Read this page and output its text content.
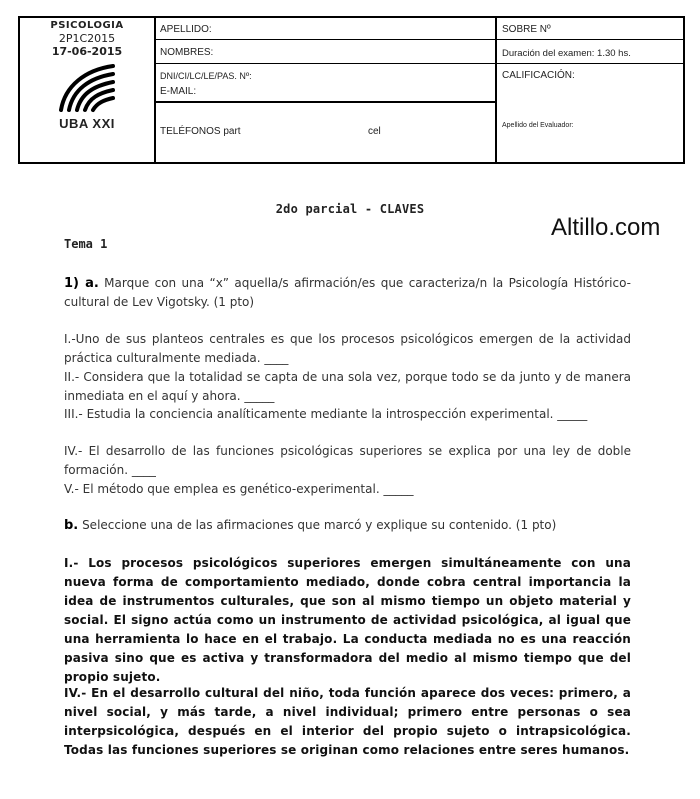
PSICOLOGIA
2P1C2015
17-06-2015
UBA XXI
APELLIDO:
NOMBRES:
DNI/CI/LC/LE/PAS. Nº:
E-MAIL:
TELÉFONOS part	cel
SOBRE Nº
Duración del examen: 1.30 hs.
CALIFICACIÓN:
Apellido del Evaluador:
2do parcial - CLAVES
Altillo.com
Tema 1
1) a. Marque con una “x” aquella/s afirmación/es que caracteriza/n la Psicología Histórico-cultural de Lev Vigotsky. (1 pto)
I.-Uno de sus planteos centrales es que los procesos psicológicos emergen de la actividad práctica culturalmente mediada. ____
II.- Considera que la totalidad se capta de una sola vez, porque todo se da junto y de manera inmediata en el aquí y ahora. _____
III.- Estudia la conciencia analíticamente mediante la introspección experimental. _____
IV.- El desarrollo de las funciones psicológicas superiores se explica por una ley de doble formación. ____
V.- El método que emplea es genético-experimental. _____
b. Seleccione una de las afirmaciones que marcó y explique su contenido. (1 pto)
I.- Los procesos psicológicos superiores emergen simultáneamente con una nueva forma de comportamiento mediado, donde cobra central importancia la idea de instrumentos culturales, que son al mismo tiempo un objeto material y social. El signo actúa como un instrumento de actividad psicológica, al igual que una herramienta lo hace en el trabajo. La conducta mediada no es una reacción pasiva sino que es activa y transformadora del medio al mismo tiempo que del propio sujeto.
IV.- En el desarrollo cultural del niño, toda función aparece dos veces: primero, a nivel social, y más tarde, a nivel individual; primero entre personas o sea interpsicológica, después en el interior del propio sujeto o intrapsicológica. Todas las funciones superiores se originan como relaciones entre seres humanos.
